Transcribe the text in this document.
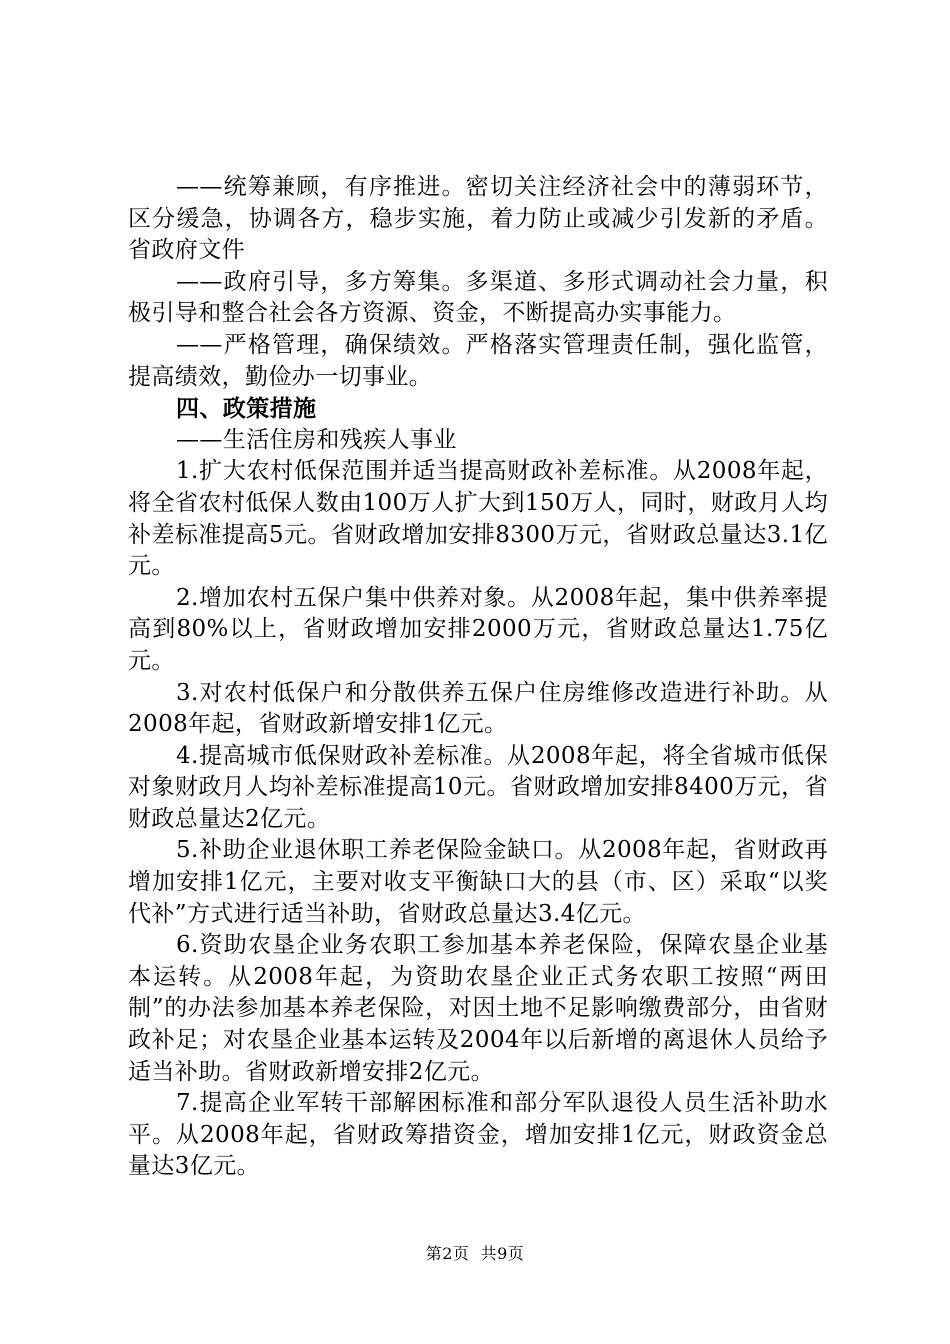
——统筹兼顾，有序推进。密切关注经济社会中的薄弱环节，区分缓急，协调各方，稳步实施，着力防止或减少引发新的矛盾。省政府文件

——政府引导，多方筹集。多渠道、多形式调动社会力量，积极引导和整合社会各方资源、资金，不断提高办实事能力。

——严格管理，确保绩效。严格落实管理责任制，强化监管，提高绩效，勤俭办一切事业。

四、政策措施

——生活住房和残疾人事业

1.扩大农村低保范围并适当提高财政补差标准。从2008年起，将全省农村低保人数由100万人扩大到150万人，同时，财政月人均补差标准提高5元。省财政增加安排8300万元，省财政总量达3.1亿元。

2.增加农村五保户集中供养对象。从2008年起，集中供养率提高到80%以上，省财政增加安排2000万元，省财政总量达1.75亿元。

3.对农村低保户和分散供养五保户住房维修改造进行补助。从2008年起，省财政新增安排1亿元。

4.提高城市低保财政补差标准。从2008年起，将全省城市低保对象财政月人均补差标准提高10元。省财政增加安排8400万元，省财政总量达2亿元。

5.补助企业退休职工养老保险金缺口。从2008年起，省财政再增加安排1亿元，主要对收支平衡缺口大的县（市、区）采取“以奖代补”方式进行适当补助，省财政总量达3.4亿元。

6.资助农垦企业务农职工参加基本养老保险，保障农垦企业基本运转。从2008年起，为资助农垦企业正式务农职工按照“两田制”的办法参加基本养老保险，对因土地不足影响缴费部分，由省财政补足；对农垦企业基本运转及2004年以后新增的离退休人员给予适当补助。省财政新增安排2亿元。

7.提高企业军转干部解困标准和部分军队退役人员生活补助水平。从2008年起，省财政筹措资金，增加安排1亿元，财政资金总量达3亿元。

第2页  共9页
